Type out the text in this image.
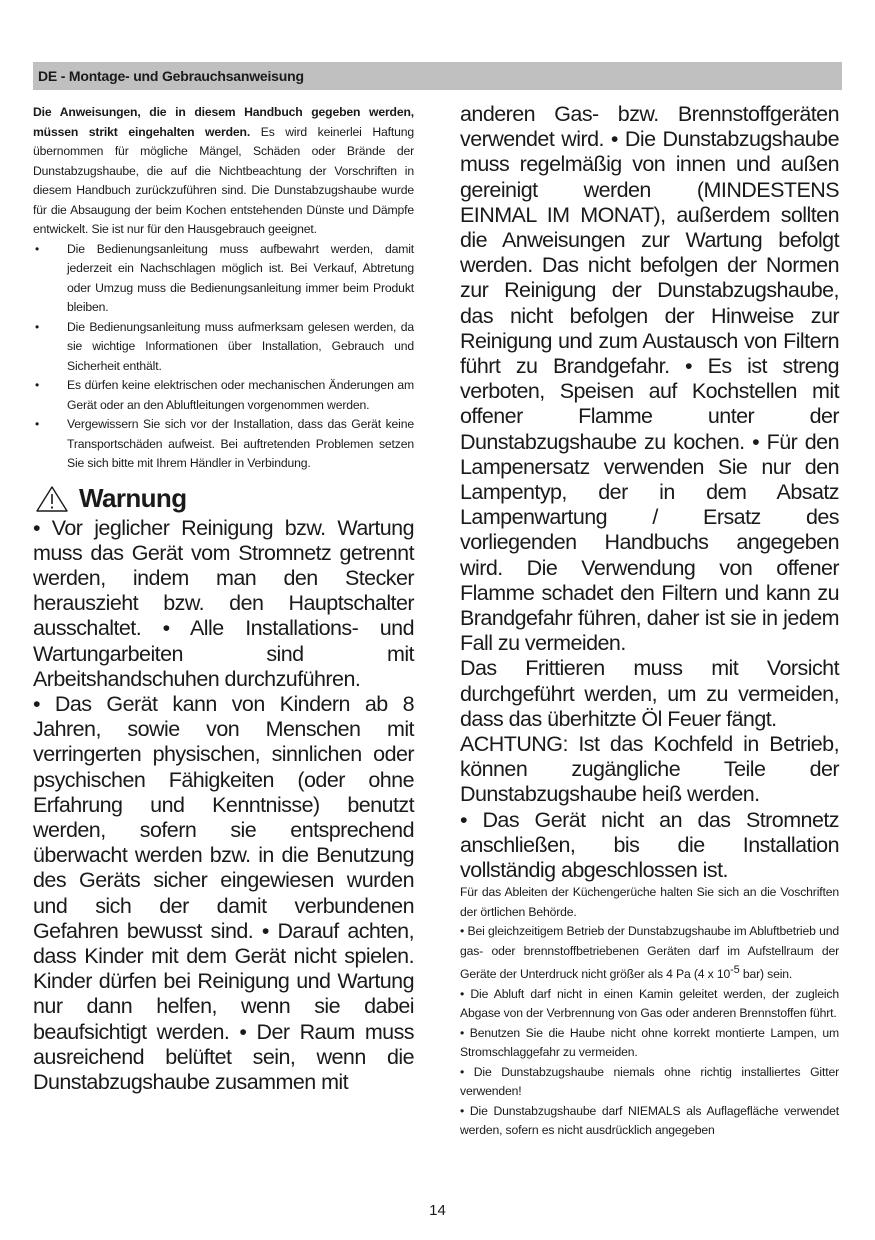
DE - Montage- und Gebrauchsanweisung

Die Anweisungen, die in diesem Handbuch gegeben werden, müssen strikt eingehalten werden. Es wird keinerlei Haftung übernommen für mögliche Mängel, Schäden oder Brände der Dunstabzugshaube, die auf die Nichtbeachtung der Vorschriften in diesem Handbuch zurückzuführen sind. Die Dunstabzugshaube wurde für die Absaugung der beim Kochen entstehenden Dünste und Dämpfe entwickelt. Sie ist nur für den Hausgebrauch geeignet.

•	Die Bedienungsanleitung muss aufbewahrt werden, damit jederzeit ein Nachschlagen möglich ist. Bei Verkauf, Abtretung oder Umzug muss die Bedienungsanleitung immer beim Produkt bleiben.
•	Die Bedienungsanleitung muss aufmerksam gelesen werden, da sie wichtige Informationen über Installation, Gebrauch und Sicherheit enthält.
•	Es dürfen keine elektrischen oder mechanischen Änderungen am Gerät oder an den Abluftleitungen vorgenommen werden.
•	Vergewissern Sie sich vor der Installation, dass das Gerät keine Transportschäden aufweist. Bei auftretenden Problemen setzen Sie sich bitte mit Ihrem Händler in Verbindung.
Warnung

• Vor jeglicher Reinigung bzw. Wartung muss das Gerät vom Stromnetz getrennt werden, indem man den Stecker herauszieht bzw. den Hauptschalter ausschaltet. • Alle Installations- und Wartungarbeiten sind mit Arbeitshandschuhen durchzuführen.

• Das Gerät kann von Kindern ab 8 Jahren, sowie von Menschen mit verringerten physischen, sinnlichen oder psychischen Fähigkeiten (oder ohne Erfahrung und Kenntnisse) benutzt werden, sofern sie entsprechend überwacht werden bzw. in die Benutzung des Geräts sicher eingewiesen wurden und sich der damit verbundenen Gefahren bewusst sind. • Darauf achten, dass Kinder mit dem Gerät nicht spielen. Kinder dürfen bei Reinigung und Wartung nur dann helfen, wenn sie dabei beaufsichtigt werden. • Der Raum muss ausreichend belüftet sein, wenn die Dunstabzugshaube zusammen mit

anderen Gas- bzw. Brennstoffgeräten verwendet wird. • Die Dunstabzugshaube muss regelmäßig von innen und außen gereinigt werden (MINDESTENS EINMAL IM MONAT), außerdem sollten die Anweisungen zur Wartung befolgt werden. Das nicht befolgen der Normen zur Reinigung der Dunstabzugshaube, das nicht befolgen der Hinweise zur Reinigung und zum Austausch von Filtern führt zu Brandgefahr. • Es ist streng verboten, Speisen auf Kochstellen mit offener Flamme unter der Dunstabzugshaube zu kochen. • Für den Lampenersatz verwenden Sie nur den Lampentyp, der in dem Absatz Lampenwartung / Ersatz des vorliegenden Handbuchs angegeben wird. Die Verwendung von offener Flamme schadet den Filtern und kann zu Brandgefahr führen, daher ist sie in jedem Fall zu vermeiden.

Das Frittieren muss mit Vorsicht durchgeführt werden, um zu vermeiden, dass das überhitzte Öl Feuer fängt.

ACHTUNG: Ist das Kochfeld in Betrieb, können zugängliche Teile der Dunstabzugshaube heiß werden.

• Das Gerät nicht an das Stromnetz anschließen, bis die Installation vollständig abgeschlossen ist.

Für das Ableiten der Küchengerüche halten Sie sich an die Voschriften der örtlichen Behörde.

• Bei gleichzeitigem Betrieb der Dunstabzugshaube im Abluftbetrieb und gas- oder brennstoffbetriebenen Geräten darf im Aufstellraum der Geräte der Unterdruck nicht größer als 4 Pa (4 x $10^{-5}$ bar) sein.

• Die Abluft darf nicht in einen Kamin geleitet werden, der zugleich Abgase von der Verbrennung von Gas oder anderen Brennstoffen führt.

• Benutzen Sie die Haube nicht ohne korrekt montierte Lampen, um Stromschlaggefahr zu vermeiden.

• Die Dunstabzugshaube niemals ohne richtig installiertes Gitter verwenden!

• Die Dunstabzugshaube darf NIEMALS als Auflagefläche verwendet werden, sofern es nicht ausdrücklich angegeben

14
